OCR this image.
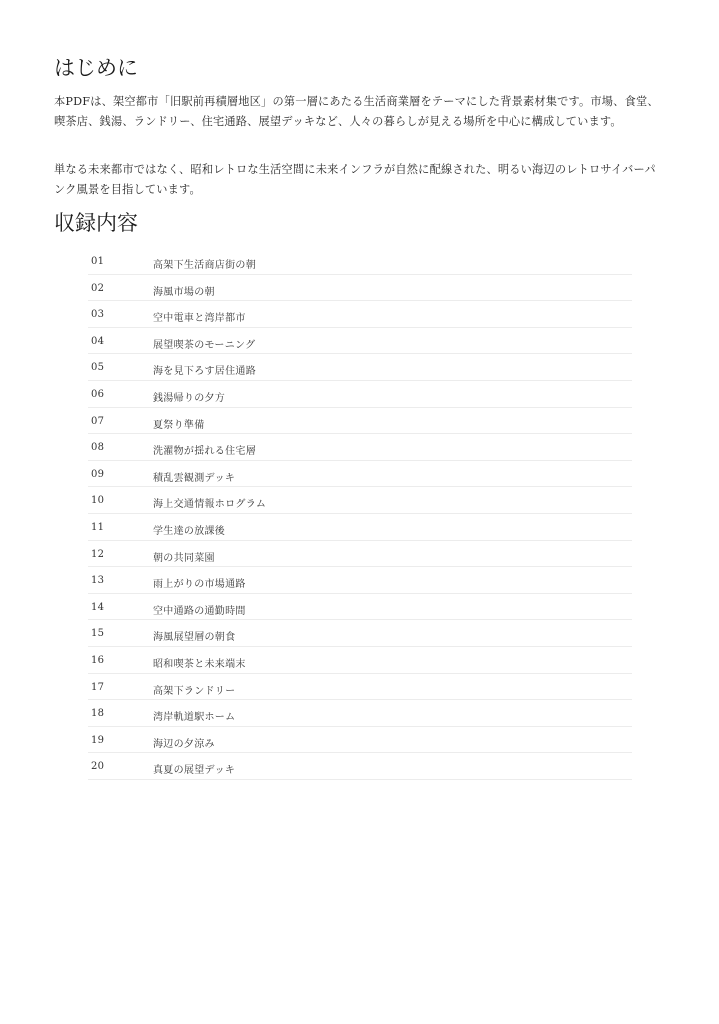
はじめに

本PDFは、架空都市「旧駅前再積層地区」の第一層にあたる生活商業層をテーマにした背景素材集です。市場、食堂、喫茶店、銭湯、ランドリー、住宅通路、展望デッキなど、人々の暮らしが見える場所を中心に構成しています。

単なる未来都市ではなく、昭和レトロな生活空間に未来インフラが自然に配線された、明るい海辺のレトロサイバーパンク風景を目指しています。

収録内容
01	高架下生活商店街の朝
02	海風市場の朝
03	空中電車と湾岸都市
04	展望喫茶のモーニング
05	海を見下ろす居住通路
06	銭湯帰りの夕方
07	夏祭り準備
08	洗濯物が揺れる住宅層
09	積乱雲観測デッキ
10	海上交通情報ホログラム
11	学生達の放課後
12	朝の共同菜園
13	雨上がりの市場通路
14	空中通路の通勤時間
15	海風展望層の朝食
16	昭和喫茶と未来端末
17	高架下ランドリー
18	湾岸軌道駅ホーム
19	海辺の夕涼み
20	真夏の展望デッキ
